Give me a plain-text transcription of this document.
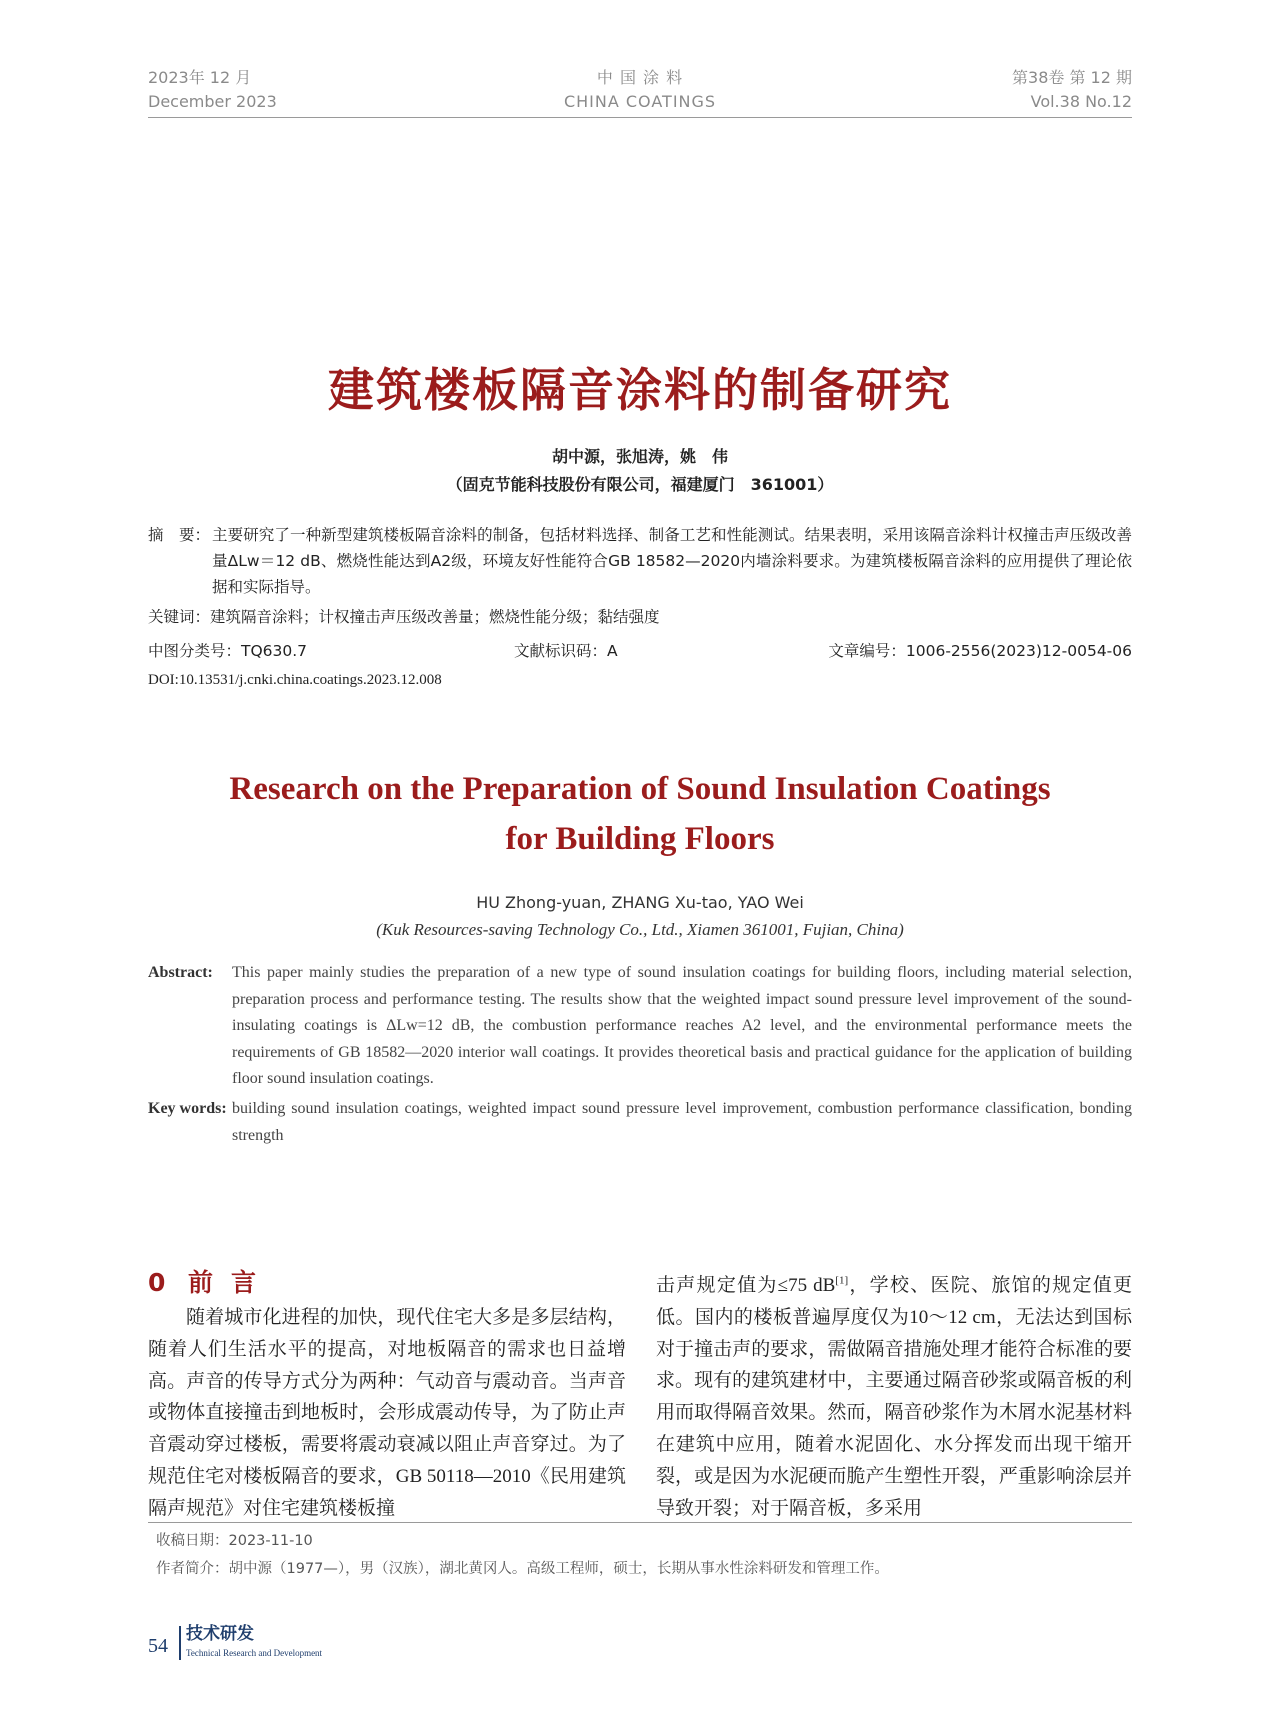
2023年 12 月
December 2023
中 国 涂 料
CHINA COATINGS
第38卷 第 12 期
Vol.38 No.12
建筑楼板隔音涂料的制备研究
胡中源，张旭涛，姚　伟
（固克节能科技股份有限公司，福建厦门　361001）
摘　要： 主要研究了一种新型建筑楼板隔音涂料的制备，包括材料选择、制备工艺和性能测试。结果表明，采用该隔音涂料计权撞击声压级改善量ΔLw＝12 dB、燃烧性能达到A2级，环境友好性能符合GB 18582—2020内墙涂料要求。为建筑楼板隔音涂料的应用提供了理论依据和实际指导。
关键词：建筑隔音涂料；计权撞击声压级改善量；燃烧性能分级；黏结强度
中图分类号：TQ630.7	文献标识码：A	文章编号：1006-2556(2023)12-0054-06
DOI:10.13531/j.cnki.china.coatings.2023.12.008
Research on the Preparation of Sound Insulation Coatings
for Building Floors
HU Zhong-yuan, ZHANG Xu-tao, YAO Wei
(Kuk Resources-saving Technology Co., Ltd., Xiamen 361001, Fujian, China)
Abstract: This paper mainly studies the preparation of a new type of sound insulation coatings for building floors, including material selection, preparation process and performance testing. The results show that the weighted impact sound pressure level improvement of the sound-insulating coatings is ΔLw=12 dB, the combustion performance reaches A2 level, and the environmental performance meets the requirements of GB 18582—2020 interior wall coatings. It provides theoretical basis and practical guidance for the application of building floor sound insulation coatings.
Key words: building sound insulation coatings, weighted impact sound pressure level improvement, combustion performance classification, bonding strength
0 前言
随着城市化进程的加快，现代住宅大多是多层结构，随着人们生活水平的提高，对地板隔音的需求也日益增高。声音的传导方式分为两种：气动音与震动音。当声音或物体直接撞击到地板时，会形成震动传导，为了防止声音震动穿过楼板，需要将震动衰减以阻止声音穿过。为了规范住宅对楼板隔音的要求，GB 50118—2010《民用建筑隔声规范》对住宅建筑楼板撞
击声规定值为≤75 dB[1]，学校、医院、旅馆的规定值更低。国内的楼板普遍厚度仅为10～12 cm，无法达到国标对于撞击声的要求，需做隔音措施处理才能符合标准的要求。现有的建筑建材中，主要通过隔音砂浆或隔音板的利用而取得隔音效果。然而，隔音砂浆作为木屑水泥基材料在建筑中应用，随着水泥固化、水分挥发而出现干缩开裂，或是因为水泥硬而脆产生塑性开裂，严重影响涂层并导致开裂；对于隔音板，多采用
收稿日期：2023-11-10
作者简介：胡中源（1977—），男（汉族），湖北黄冈人。高级工程师，硕士，长期从事水性涂料研发和管理工作。
54
技术研发
Technical Research and Development
